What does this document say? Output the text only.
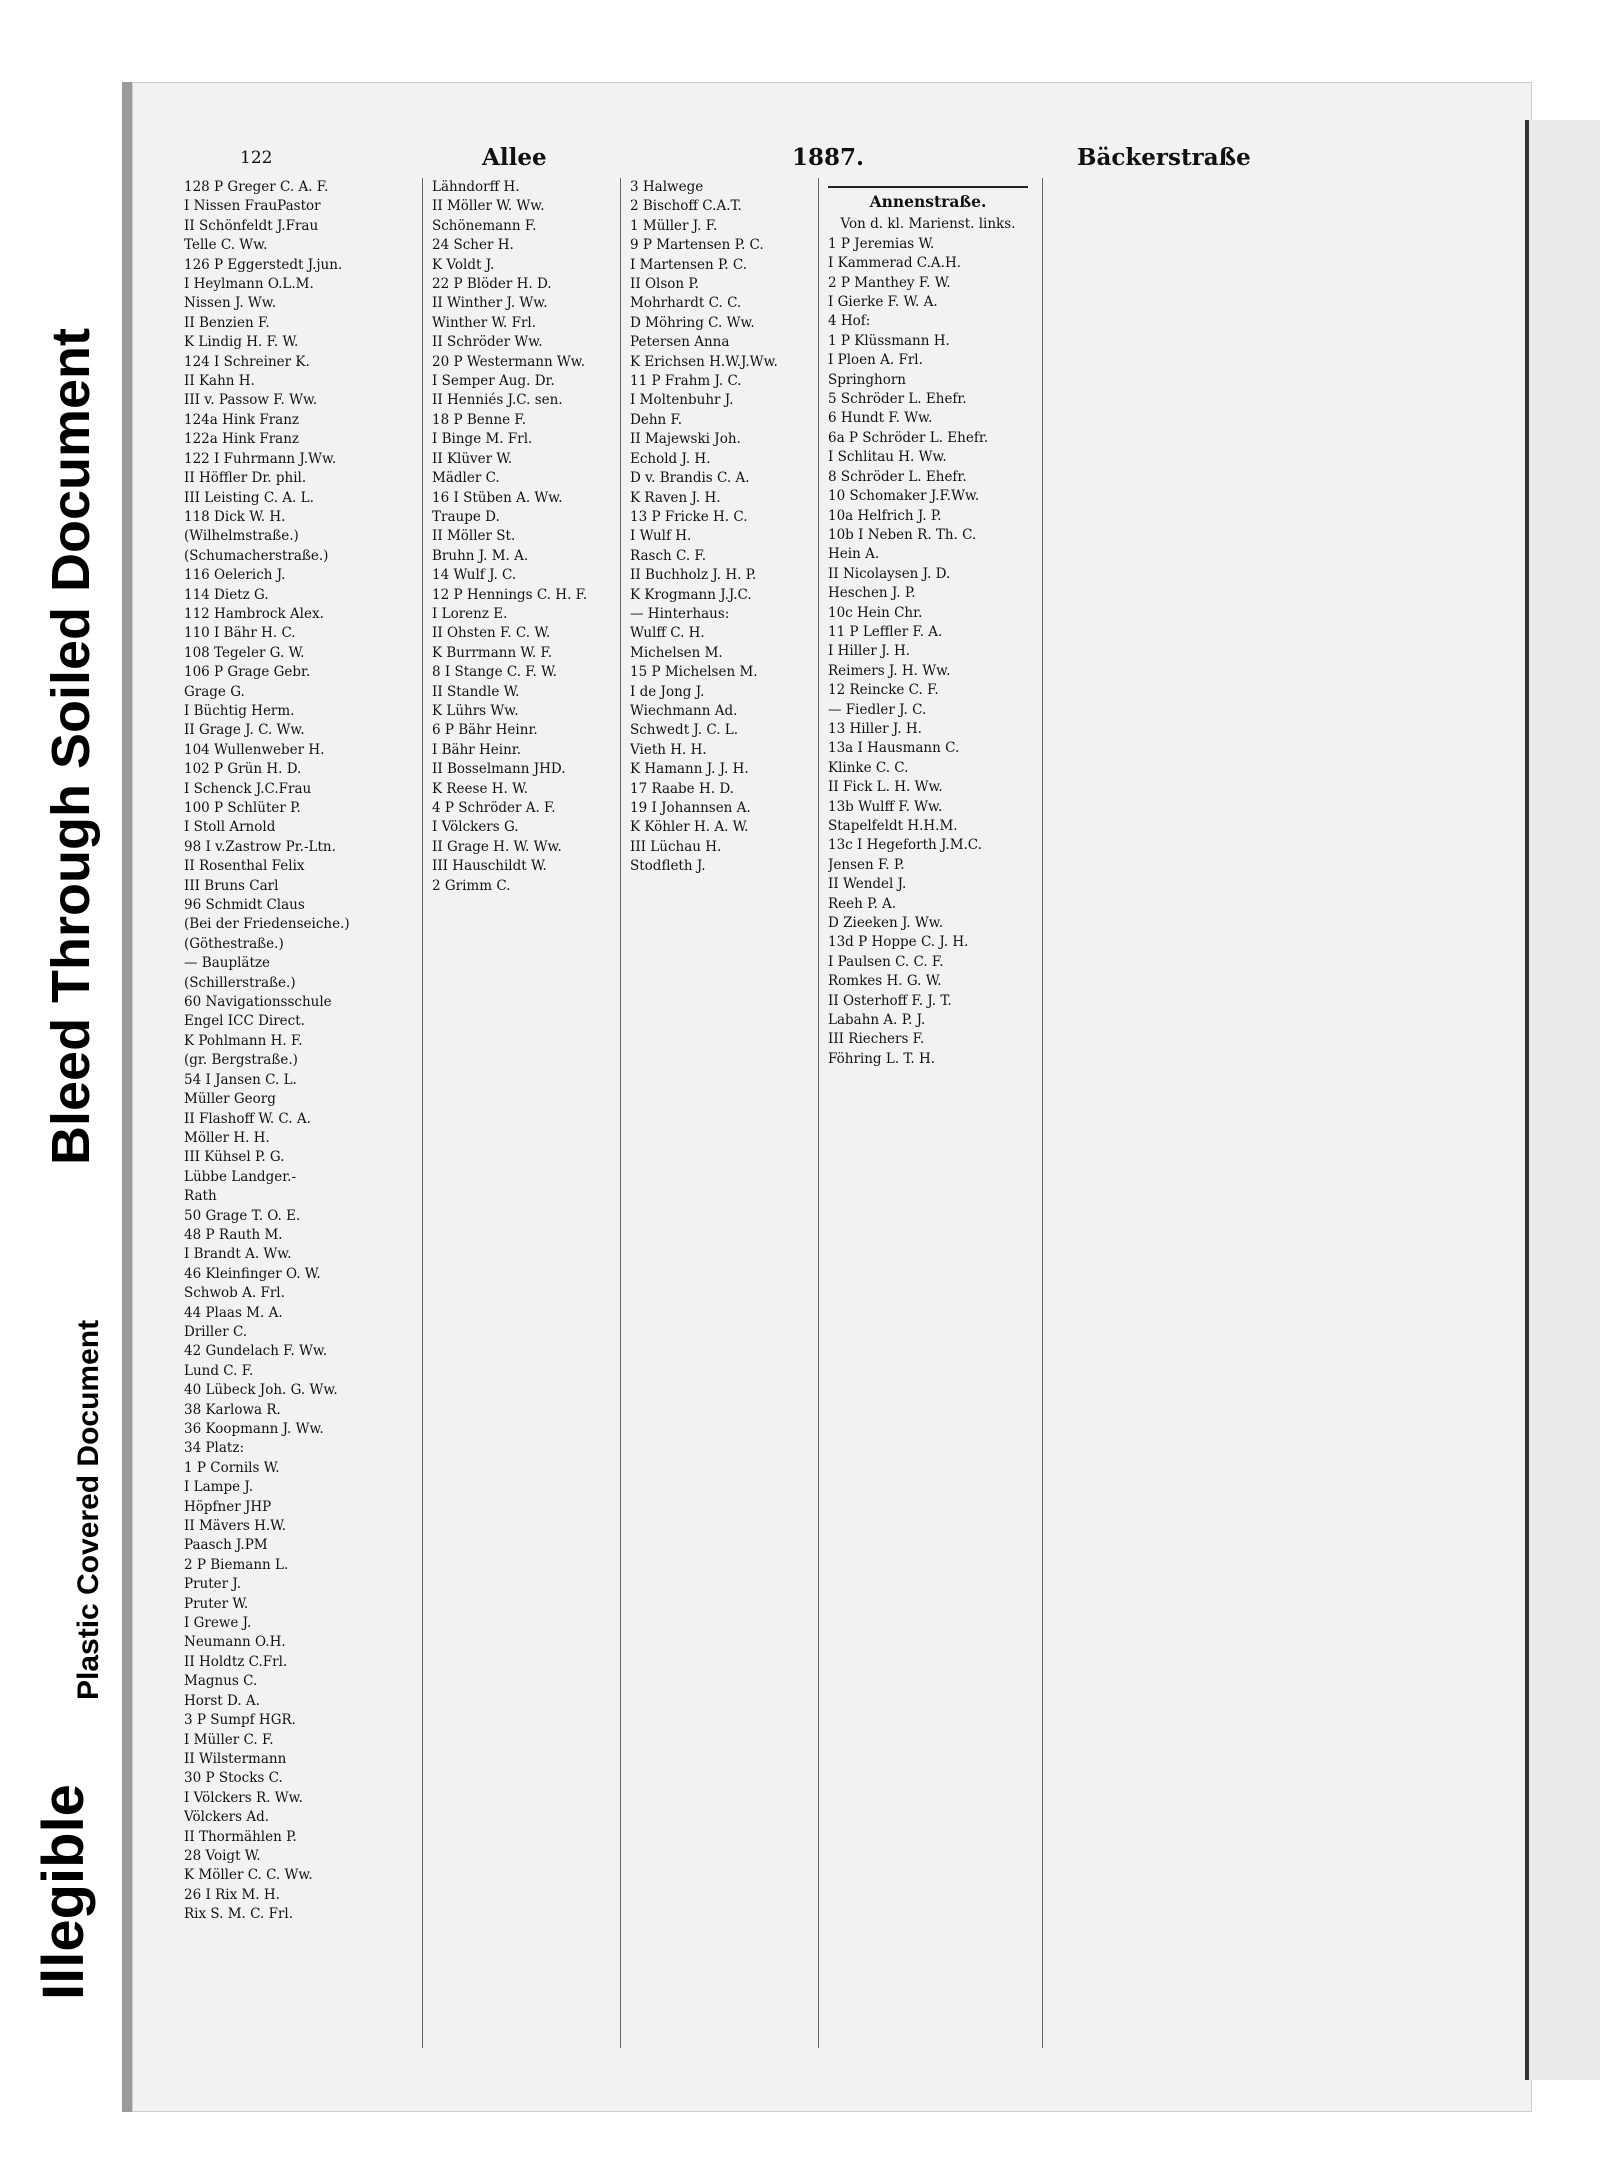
Illegible
Plastic Covered Document
Bleed Through Soiled Document
122	Allee	1887.	Bäckerstraße
128 P Greger C. A. F.
I Nissen FrauPastor
II Schönfeldt J.Frau
Telle C. Ww.
126 P Eggerstedt J.jun.
I Heylmann O.L.M.
Nissen J. Ww.
II Benzien F.
K Lindig H. F. W.
124 I Schreiner K.
II Kahn H.
III v. Passow F. Ww.
124a Hink Franz
122a Hink Franz
122 I Fuhrmann J.Ww.
II Höffler Dr. phil.
III Leisting C. A. L.
118 Dick W. H.
(Wilhelmstraße.)
(Schumacherstraße.)
116 Oelerich J.
114 Dietz G.
112 Hambrock Alex.
110 I Bähr H. C.
108 Tegeler G. W.
106 P Grage Gebr.
Grage G.
I Büchtig Herm.
II Grage J. C. Ww.
104 Wullenweber H.
102 P Grün H. D.
I Schenck J.C.Frau
100 P Schlüter P.
I Stoll Arnold
98 I v.Zastrow Pr.-Ltn.
II Rosenthal Felix
III Bruns Carl
96 Schmidt Claus
(Bei der Friedenseiche.)
(Göthestraße.)
— Bauplätze
(Schillerstraße.)
60 Navigationsschule
Engel ICC Direct.
K Pohlmann H. F.
(gr. Bergstraße.)
54 I Jansen C. L.
Müller Georg
II Flashoff W. C. A.
Möller H. H.
III Kühsel P. G.
Lübbe Landger.-
Rath
50 Grage T. O. E.
48 P Rauth M.
I Brandt A. Ww.
46 Kleinfinger O. W.
Schwob A. Frl.
44 Plaas M. A.
Driller C.
42 Gundelach F. Ww.
Lund C. F.
40 Lübeck Joh. G. Ww.
38 Karlowa R.
36 Koopmann J. Ww.
34 Platz:
1 P Cornils W.
I Lampe J.
Höpfner JHP
II Mävers H.W.
Paasch J.PM
2 P Biemann L.
Pruter J.
Pruter W.
I Grewe J.
Neumann O.H.
II Holdtz C.Frl.
Magnus C.
Horst D. A.
3 P Sumpf HGR.
I Müller C. F.
II Wilstermann
30 P Stocks C.
I Völckers R. Ww.
Völckers Ad.
II Thormählen P.
28 Voigt W.
K Möller C. C. Ww.
26 I Rix M. H.
Rix S. M. C. Frl.
Lähndorff H.
II Möller W. Ww.
Schönemann F.
24 Scher H.
K Voldt J.
22 P Blöder H. D.
II Winther J. Ww.
Winther W. Frl.
II Schröder Ww.
20 P Westermann Ww.
I Semper Aug. Dr.
II Henniés J.C. sen.
18 P Benne F.
I Binge M. Frl.
II Klüver W.
Mädler C.
16 I Stüben A. Ww.
Traupe D.
II Möller St.
Bruhn J. M. A.
14 Wulf J. C.
12 P Hennings C. H. F.
I Lorenz E.
II Ohsten F. C. W.
K Burrmann W. F.
8 I Stange C. F. W.
II Standle W.
K Lührs Ww.
6 P Bähr Heinr.
I Bähr Heinr.
II Bosselmann JHD.
K Reese H. W.
4 P Schröder A. F.
I Völckers G.
II Grage H. W. Ww.
III Hauschildt W.
2 Grimm C.
3 Halwege
2 Bischoff C.A.T.
1 Müller J. F.
9 P Martensen P. C.
I Martensen P. C.
II Olson P.
Mohrhardt C. C.
D Möhring C. Ww.
Petersen Anna
K Erichsen H.W.J.Ww.
11 P Frahm J. C.
I Moltenbuhr J.
Dehn F.
II Majewski Joh.
Echold J. H.
D v. Brandis C. A.
K Raven J. H.
13 P Fricke H. C.
I Wulf H.
Rasch C. F.
II Buchholz J. H. P.
K Krogmann J.J.C.
— Hinterhaus:
Wulff C. H.
Michelsen M.
15 P Michelsen M.
I de Jong J.
Wiechmann Ad.
Schwedt J. C. L.
Vieth H. H.
K Hamann J. J. H.
17 Raabe H. D.
19 I Johannsen A.
K Köhler H. A. W.
III Lüchau H.
Stodfleth J.
Annenstraße.
Von d. kl. Marienst. links.
1 P Jeremias W.
I Kammerad C.A.H.
2 P Manthey F. W.
I Gierke F. W. A.
4 Hof:
1 P Klüssmann H.
I Ploen A. Frl.
Springhorn
5 Schröder L. Ehefr.
6 Hundt F. Ww.
6a P Schröder L. Ehefr.
I Schlitau H. Ww.
8 Schröder L. Ehefr.
10 Schomaker J.F.Ww.
10a Helfrich J. P.
10b I Neben R. Th. C.
Hein A.
II Nicolaysen J. D.
Heschen J. P.
10c Hein Chr.
11 P Leffler F. A.
I Hiller J. H.
Reimers J. H. Ww.
12 Reincke C. F.
— Fiedler J. C.
13 Hiller J. H.
13a I Hausmann C.
Klinke C. C.
II Fick L. H. Ww.
13b Wulff F. Ww.
Stapelfeldt H.H.M.
13c I Hegeforth J.M.C.
Jensen F. P.
II Wendel J.
Reeh P. A.
D Zieeken J. Ww.
13d P Hoppe C. J. H.
I Paulsen C. C. F.
Romkes H. G. W.
II Osterhoff F. J. T.
Labahn A. P. J.
III Riechers F.
Föhring L. T. H.
